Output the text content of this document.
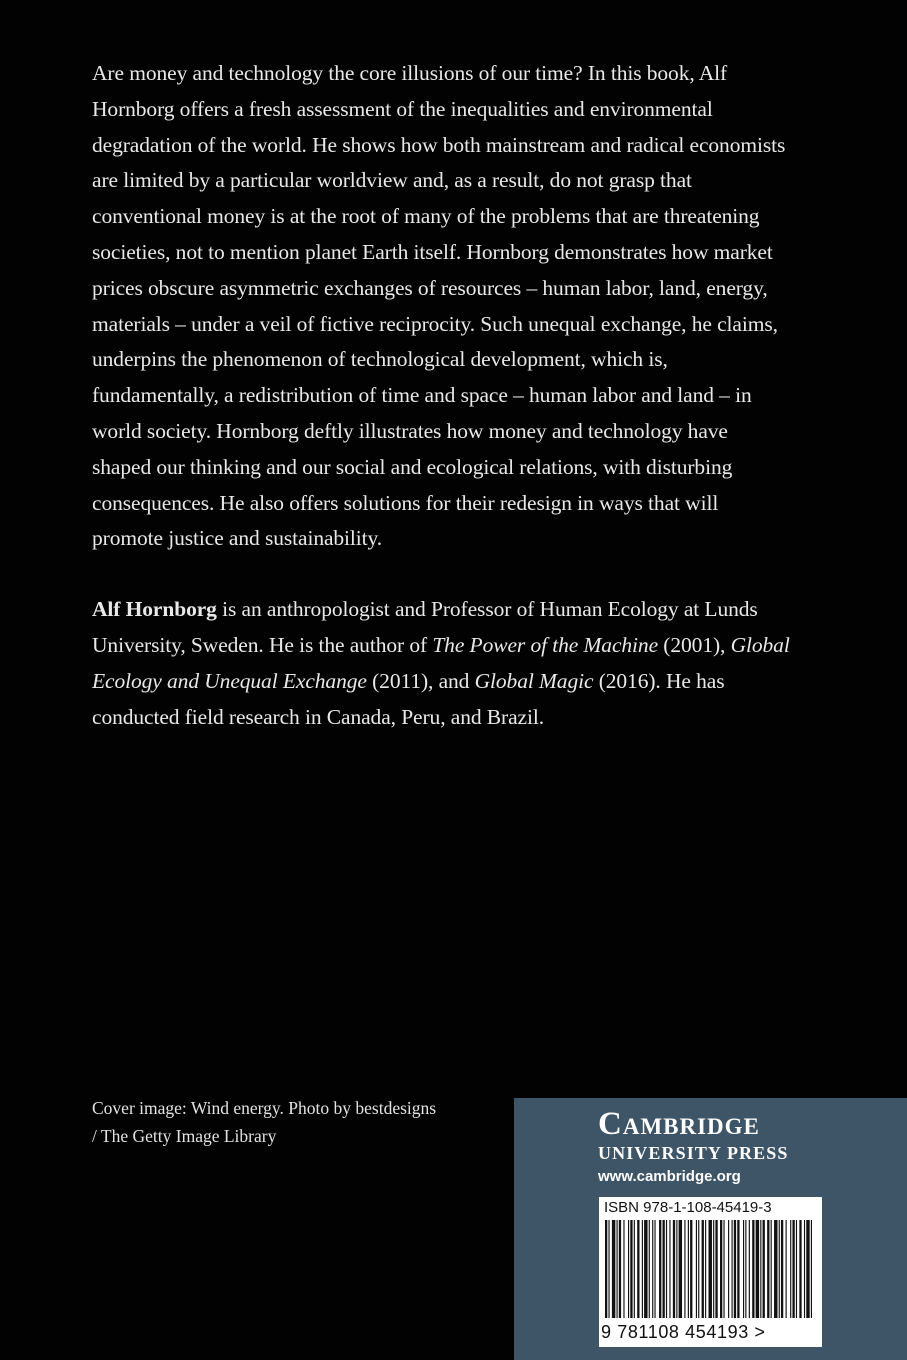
Are money and technology the core illusions of our time? In this book, Alf Hornborg offers a fresh assessment of the inequalities and environmental degradation of the world. He shows how both mainstream and radical economists are limited by a particular worldview and, as a result, do not grasp that conventional money is at the root of many of the problems that are threatening societies, not to mention planet Earth itself. Hornborg demonstrates how market prices obscure asymmetric exchanges of resources – human labor, land, energy, materials – under a veil of fictive reciprocity. Such unequal exchange, he claims, underpins the phenomenon of technological development, which is, fundamentally, a redistribution of time and space – human labor and land – in world society. Hornborg deftly illustrates how money and technology have shaped our thinking and our social and ecological relations, with disturbing consequences. He also offers solutions for their redesign in ways that will promote justice and sustainability.

Alf Hornborg is an anthropologist and Professor of Human Ecology at Lunds University, Sweden. He is the author of The Power of the Machine (2001), Global Ecology and Unequal Exchange (2011), and Global Magic (2016). He has conducted field research in Canada, Peru, and Brazil.

Cover image: Wind energy. Photo by bestdesigns
/ The Getty Image Library	Cambridge
UNIVERSITY PRESS
www.cambridge.org
ISBN 978-1-108-45419-3
9 781108 454193 >
